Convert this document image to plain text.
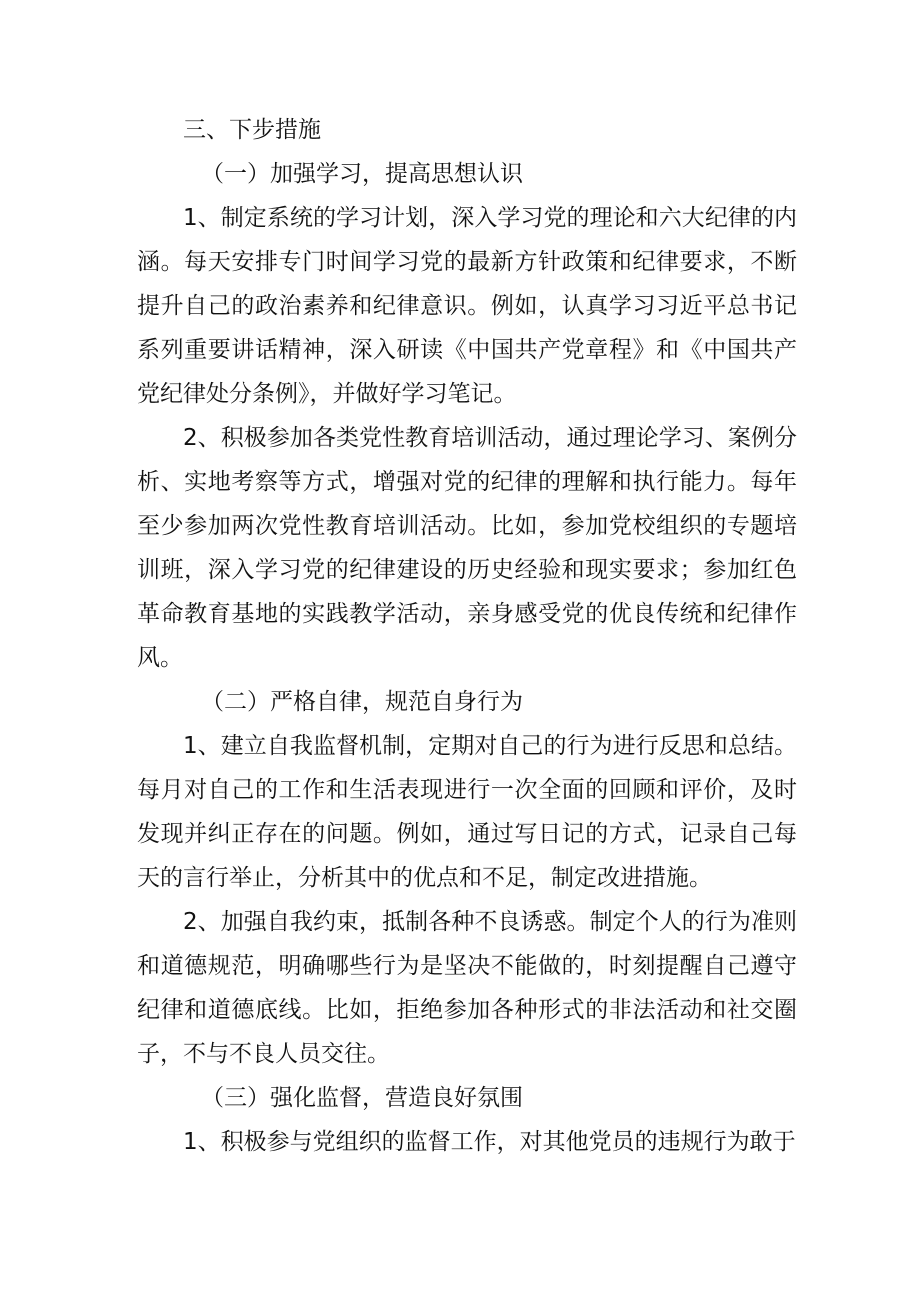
三、下步措施

（一）加强学习，提高思想认识

1、制定系统的学习计划，深入学习党的理论和六大纪律的内涵。每天安排专门时间学习党的最新方针政策和纪律要求，不断提升自己的政治素养和纪律意识。例如，认真学习习近平总书记系列重要讲话精神，深入研读《中国共产党章程》和《中国共产党纪律处分条例》，并做好学习笔记。

2、积极参加各类党性教育培训活动，通过理论学习、案例分析、实地考察等方式，增强对党的纪律的理解和执行能力。每年至少参加两次党性教育培训活动。比如，参加党校组织的专题培训班，深入学习党的纪律建设的历史经验和现实要求；参加红色革命教育基地的实践教学活动，亲身感受党的优良传统和纪律作风。

（二）严格自律，规范自身行为

1、建立自我监督机制，定期对自己的行为进行反思和总结。每月对自己的工作和生活表现进行一次全面的回顾和评价，及时发现并纠正存在的问题。例如，通过写日记的方式，记录自己每天的言行举止，分析其中的优点和不足，制定改进措施。

2、加强自我约束，抵制各种不良诱惑。制定个人的行为准则和道德规范，明确哪些行为是坚决不能做的，时刻提醒自己遵守纪律和道德底线。比如，拒绝参加各种形式的非法活动和社交圈子，不与不良人员交往。

（三）强化监督，营造良好氛围

1、积极参与党组织的监督工作，对其他党员的违规行为敢于
